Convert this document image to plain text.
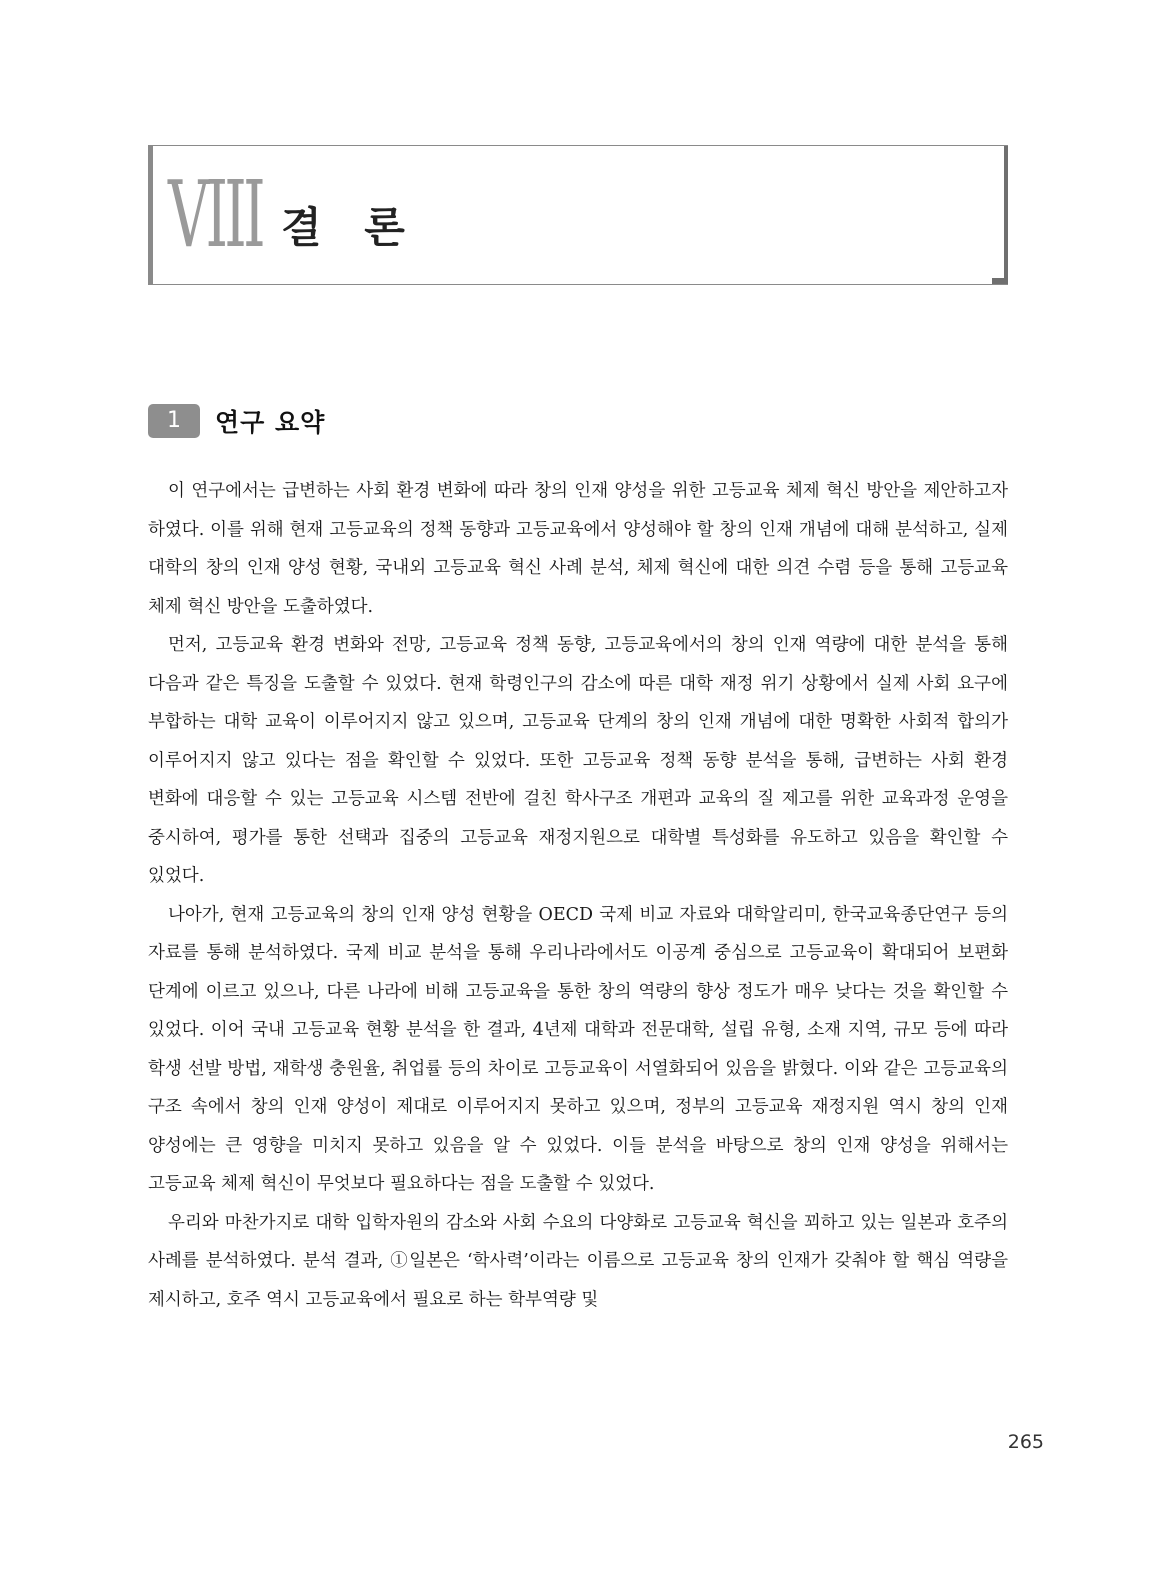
VIII 결 론
1	연구 요약

이 연구에서는 급변하는 사회 환경 변화에 따라 창의 인재 양성을 위한 고등교육 체제 혁신 방안을 제안하고자 하였다. 이를 위해 현재 고등교육의 정책 동향과 고등교육에서 양성해야 할 창의 인재 개념에 대해 분석하고, 실제 대학의 창의 인재 양성 현황, 국내외 고등교육 혁신 사례 분석, 체제 혁신에 대한 의견 수렴 등을 통해 고등교육 체제 혁신 방안을 도출하였다.

먼저, 고등교육 환경 변화와 전망, 고등교육 정책 동향, 고등교육에서의 창의 인재 역량에 대한 분석을 통해 다음과 같은 특징을 도출할 수 있었다. 현재 학령인구의 감소에 따른 대학 재정 위기 상황에서 실제 사회 요구에 부합하는 대학 교육이 이루어지지 않고 있으며, 고등교육 단계의 창의 인재 개념에 대한 명확한 사회적 합의가 이루어지지 않고 있다는 점을 확인할 수 있었다. 또한 고등교육 정책 동향 분석을 통해, 급변하는 사회 환경 변화에 대응할 수 있는 고등교육 시스템 전반에 걸친 학사구조 개편과 교육의 질 제고를 위한 교육과정 운영을 중시하여, 평가를 통한 선택과 집중의 고등교육 재정지원으로 대학별 특성화를 유도하고 있음을 확인할 수 있었다.

나아가, 현재 고등교육의 창의 인재 양성 현황을 OECD 국제 비교 자료와 대학알리미, 한국교육종단연구 등의 자료를 통해 분석하였다. 국제 비교 분석을 통해 우리나라에서도 이공계 중심으로 고등교육이 확대되어 보편화 단계에 이르고 있으나, 다른 나라에 비해 고등교육을 통한 창의 역량의 향상 정도가 매우 낮다는 것을 확인할 수 있었다. 이어 국내 고등교육 현황 분석을 한 결과, 4년제 대학과 전문대학, 설립 유형, 소재 지역, 규모 등에 따라 학생 선발 방법, 재학생 충원율, 취업률 등의 차이로 고등교육이 서열화되어 있음을 밝혔다. 이와 같은 고등교육의 구조 속에서 창의 인재 양성이 제대로 이루어지지 못하고 있으며, 정부의 고등교육 재정지원 역시 창의 인재 양성에는 큰 영향을 미치지 못하고 있음을 알 수 있었다. 이들 분석을 바탕으로 창의 인재 양성을 위해서는 고등교육 체제 혁신이 무엇보다 필요하다는 점을 도출할 수 있었다.

우리와 마찬가지로 대학 입학자원의 감소와 사회 수요의 다양화로 고등교육 혁신을 꾀하고 있는 일본과 호주의 사례를 분석하였다. 분석 결과, ①일본은 ‘학사력’이라는 이름으로 고등교육 창의 인재가 갖춰야 할 핵심 역량을 제시하고, 호주 역시 고등교육에서 필요로 하는 학부역량 및

265
